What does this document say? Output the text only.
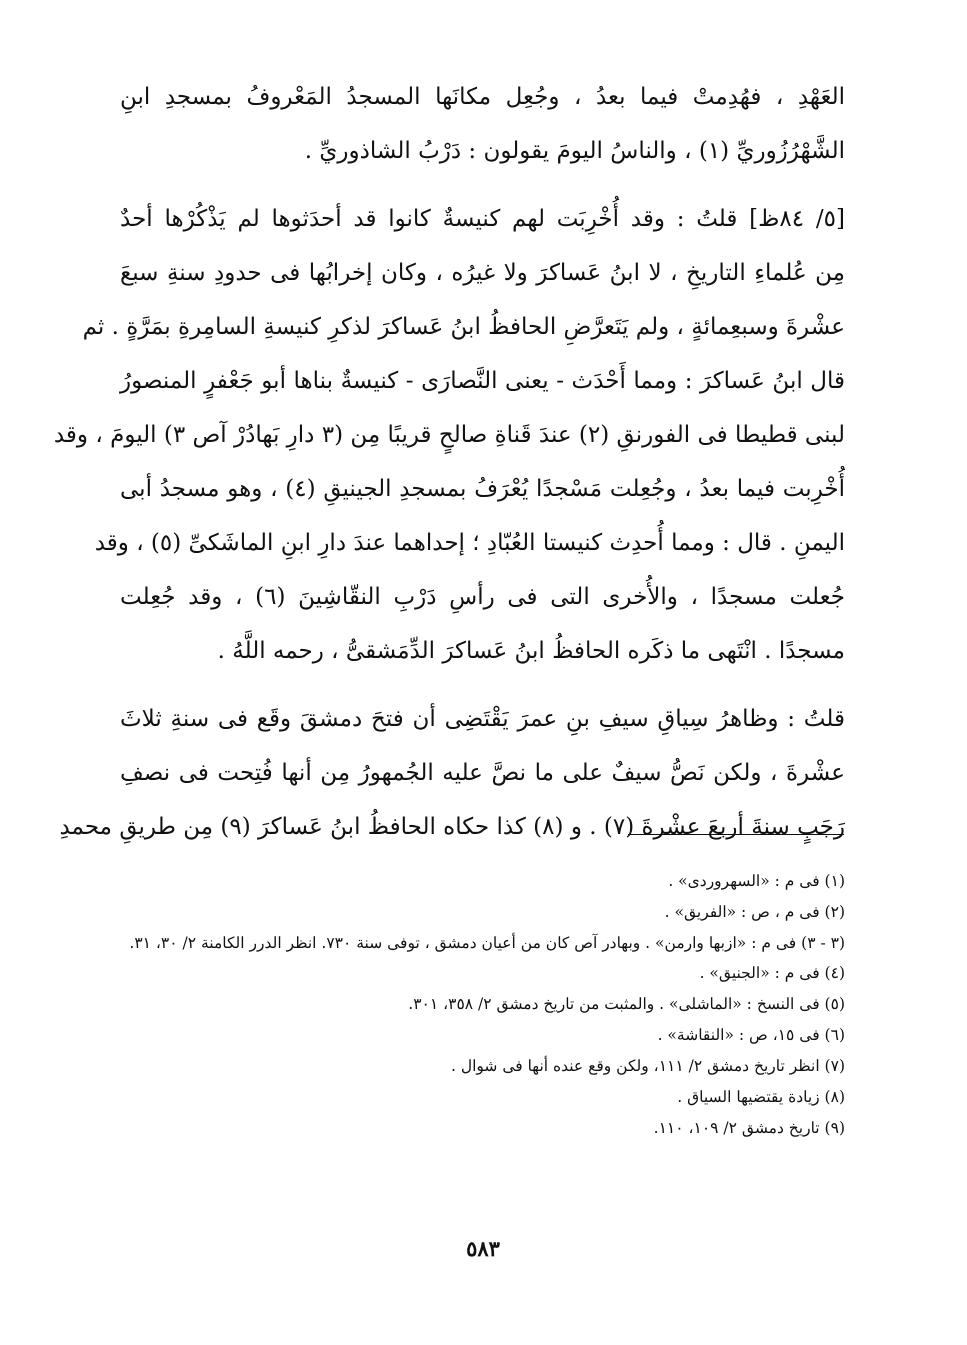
العَهْدِ ، فهُدِمتْ فيما بعدُ ، وجُعِل مكانَها المسجدُ المَعْروفُ بمسجدِ ابنِ
الشَّهْرُزُوريِّ (١) ، والناسُ اليومَ يقولون : دَرْبُ الشاذوريِّ .
[٥/ ٨٤ظ] قلتُ : وقد أُخْرِبَت لهم كنيسةٌ كانوا قد أحدَثوها لم يَذْكُرْها أحدٌ
مِن عُلماءِ التاريخِ ، لا ابنُ عَساكرَ ولا غيرُه ، وكان إخرابُها فى حدودِ سنةِ سبعَ
عشْرةَ وسبعِمائةٍ ، ولم يَتَعرَّضِ الحافظُ ابنُ عَساكرَ لذكرِ كنيسةِ السامِرةِ بمَرَّةٍ . ثم
قال ابنُ عَساكرَ : ومما أَحْدَث - يعنى النَّصارَى - كنيسةٌ بناها أبو جَعْفرٍ المنصورُ
لبنى قطيطا فى الفورنقِ (٢) عندَ قَناةِ صالحٍ قريبًا مِن (٣ دارِ بَهادُرْ آص ٣) اليومَ ، وقد
أُخْرِبت فيما بعدُ ، وجُعِلت مَسْجدًا يُعْرَفُ بمسجدِ الجينيقِ (٤) ، وهو مسجدُ أبى
اليمنِ . قال : ومما أُحدِث كنيستا العُبّادِ ؛ إحداهما عندَ دارِ ابنِ الماشَكىِّ (٥) ، وقد
جُعلت مسجدًا ، والأُخرى التى فى رأسِ دَرْبِ النقّاشِينَ (٦) ، وقد جُعِلت
مسجدًا . انْتَهى ما ذكَره الحافظُ ابنُ عَساكرَ الدِّمَشقىُّ ، رحمه اللَّهُ .
قلتُ : وظاهرُ سِياقِ سيفِ بنِ عمرَ يَقْتَضِى أن فتحَ دمشقَ وقَع فى سنةِ ثلاثَ
عشْرةَ ، ولكن نَصُّ سيفٌ على ما نصَّ عليه الجُمهورُ مِن أنها فُتِحت فى نصفِ
رَجَبٍ سنةَ أربعَ عشْرةَ (٧) . و (٨) كذا حكاه الحافظُ ابنُ عَساكرَ (٩) مِن طريقِ محمدِ
(١) فى م : «السهروردى» .
(٢) فى م ، ص : «الفريق» .
(٣ - ٣) فى م : «ازبها وارمن» . وبهادر آص كان من أعيان دمشق ، توفى سنة ٧٣٠. انظر الدرر الكامنة ٢/ ٣٠، ٣١.
(٤) فى م : «الجنيق» .
(٥) فى النسخ : «الماشلى» . والمثبت من تاريخ دمشق ٢/ ٣٥٨، ٣٠١.
(٦) فى ١٥، ص : «النقاشة» .
(٧) انظر تاريخ دمشق ٢/ ١١١، ولكن وقع عنده أنها فى شوال .
(٨) زيادة يقتضيها السياق .
(٩) تاريخ دمشق ٢/ ١٠٩، ١١٠.
٥٨٣
